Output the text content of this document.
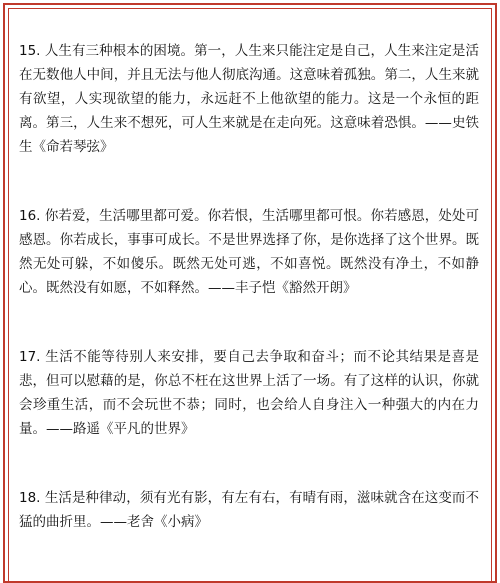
15. 人生有三种根本的困境。第一，人生来只能注定是自己，人生来注定是活在无数他人中间，并且无法与他人彻底沟通。这意味着孤独。第二，人生来就有欲望，人实现欲望的能力，永远赶不上他欲望的能力。这是一个永恒的距离。第三，人生来不想死，可人生来就是在走向死。这意味着恐惧。——史铁生《命若琴弦》

16. 你若爱，生活哪里都可爱。你若恨，生活哪里都可恨。你若感恩，处处可感恩。你若成长，事事可成长。不是世界选择了你，是你选择了这个世界。既然无处可躲，不如傻乐。既然无处可逃，不如喜悦。既然没有净土，不如静心。既然没有如愿，不如释然。——丰子恺《豁然开朗》

17. 生活不能等待别人来安排，要自己去争取和奋斗；而不论其结果是喜是悲，但可以慰藉的是，你总不枉在这世界上活了一场。有了这样的认识，你就会珍重生活，而不会玩世不恭；同时，也会给人自身注入一种强大的内在力量。——路遥《平凡的世界》

18. 生活是种律动，须有光有影，有左有右，有晴有雨，滋味就含在这变而不猛的曲折里。——老舍《小病》
